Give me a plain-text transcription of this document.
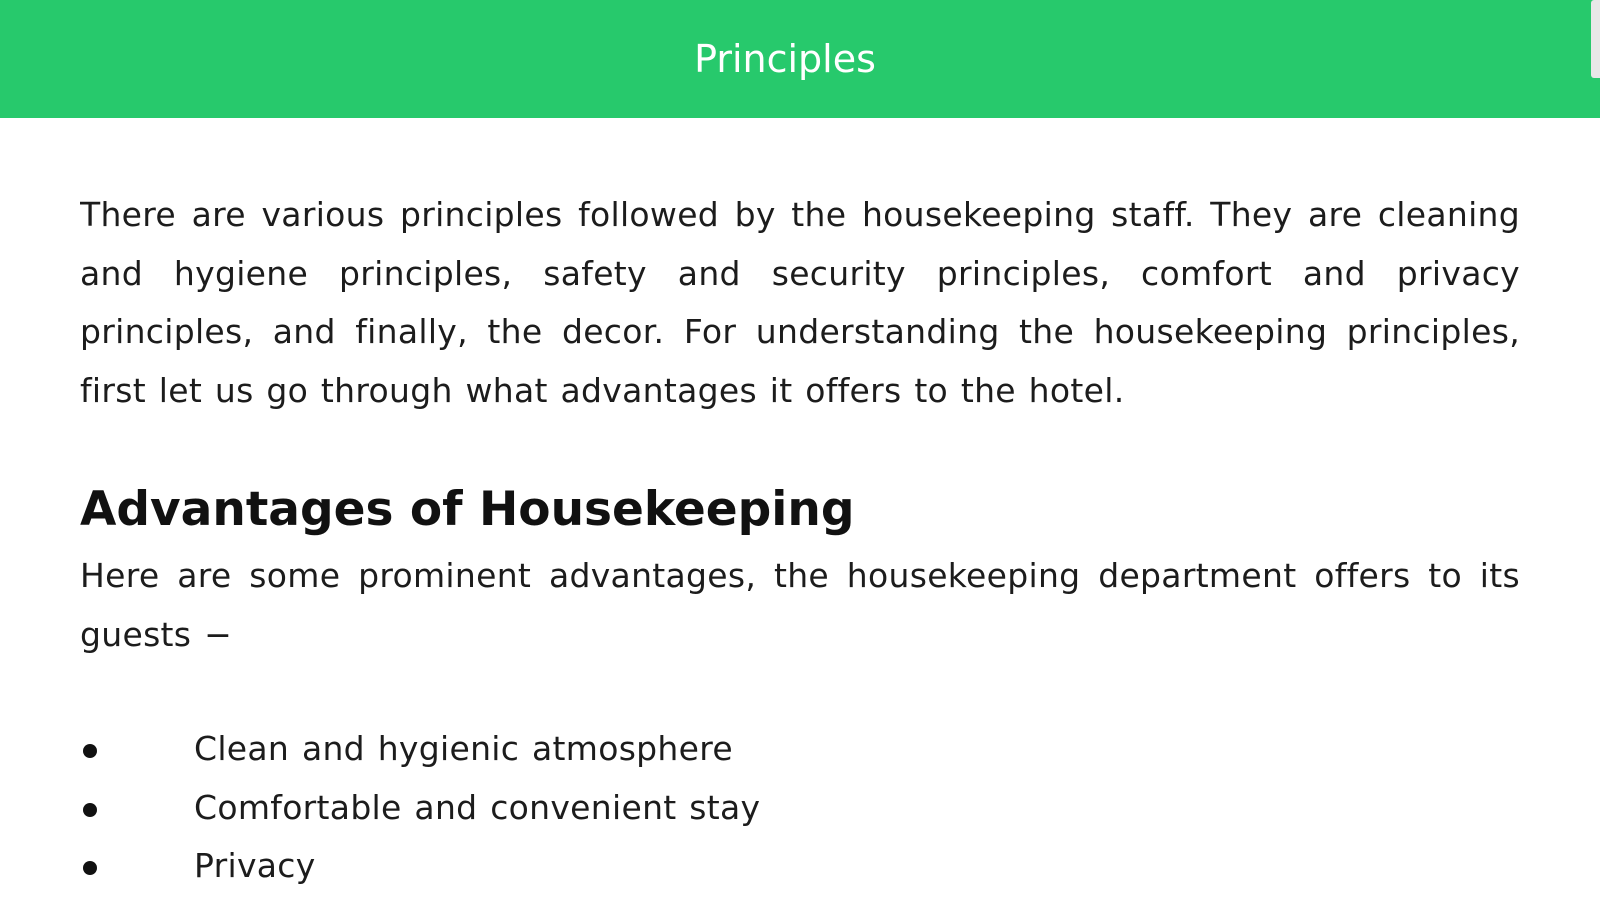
Principles

There are various principles followed by the housekeeping staff. They are cleaning and hygiene principles, safety and security principles, comfort and privacy principles, and finally, the decor. For understanding the housekeeping principles, first let us go through what advantages it offers to the hotel.

Advantages of Housekeeping

Here are some prominent advantages, the housekeeping department offers to its guests −

Clean and hygienic atmosphere
Comfortable and convenient stay
Privacy
